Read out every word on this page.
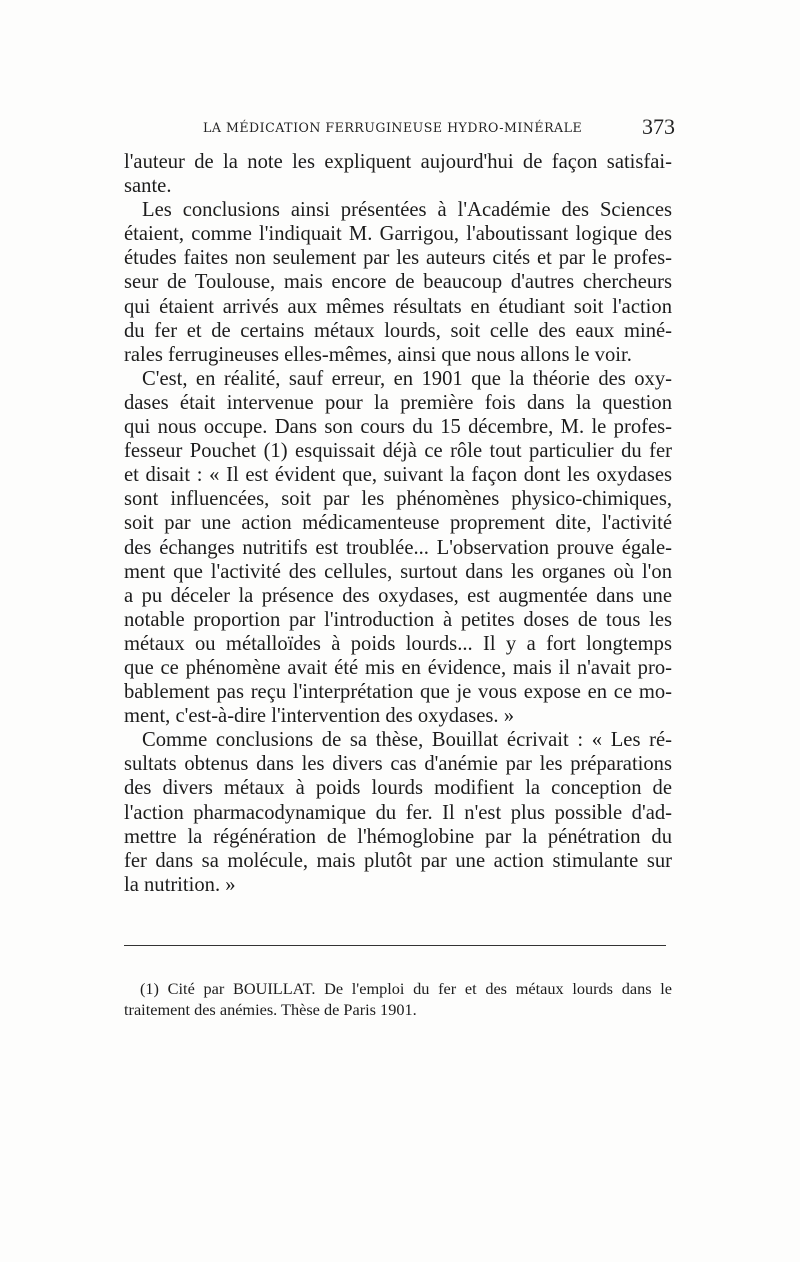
LA MÉDICATION FERRUGINEUSE HYDRO-MINÉRALE	373
l'auteur de la note les expliquent aujourd'hui de façon satisfai-
sante.
Les conclusions ainsi présentées à l'Académie des Sciences
étaient, comme l'indiquait M. Garrigou, l'aboutissant logique des
études faites non seulement par les auteurs cités et par le profes-
seur de Toulouse, mais encore de beaucoup d'autres chercheurs
qui étaient arrivés aux mêmes résultats en étudiant soit l'action
du fer et de certains métaux lourds, soit celle des eaux miné-
rales ferrugineuses elles-mêmes, ainsi que nous allons le voir.
C'est, en réalité, sauf erreur, en 1901 que la théorie des oxy-
dases était intervenue pour la première fois dans la question
qui nous occupe. Dans son cours du 15 décembre, M. le profes-
fesseur Pouchet (1) esquissait déjà ce rôle tout particulier du fer
et disait : « Il est évident que, suivant la façon dont les oxydases
sont influencées, soit par les phénomènes physico-chimiques,
soit par une action médicamenteuse proprement dite, l'activité
des échanges nutritifs est troublée... L'observation prouve égale-
ment que l'activité des cellules, surtout dans les organes où l'on
a pu déceler la présence des oxydases, est augmentée dans une
notable proportion par l'introduction à petites doses de tous les
métaux ou métalloïdes à poids lourds... Il y a fort longtemps
que ce phénomène avait été mis en évidence, mais il n'avait pro-
bablement pas reçu l'interprétation que je vous expose en ce mo-
ment, c'est-à-dire l'intervention des oxydases. »
Comme conclusions de sa thèse, Bouillat écrivait : « Les ré-
sultats obtenus dans les divers cas d'anémie par les préparations
des divers métaux à poids lourds modifient la conception de
l'action pharmacodynamique du fer. Il n'est plus possible d'ad-
mettre la régénération de l'hémoglobine par la pénétration du
fer dans sa molécule, mais plutôt par une action stimulante sur
la nutrition. »
(1) Cité par BOUILLAT. De l'emploi du fer et des métaux lourds dans le
traitement des anémies. Thèse de Paris 1901.
